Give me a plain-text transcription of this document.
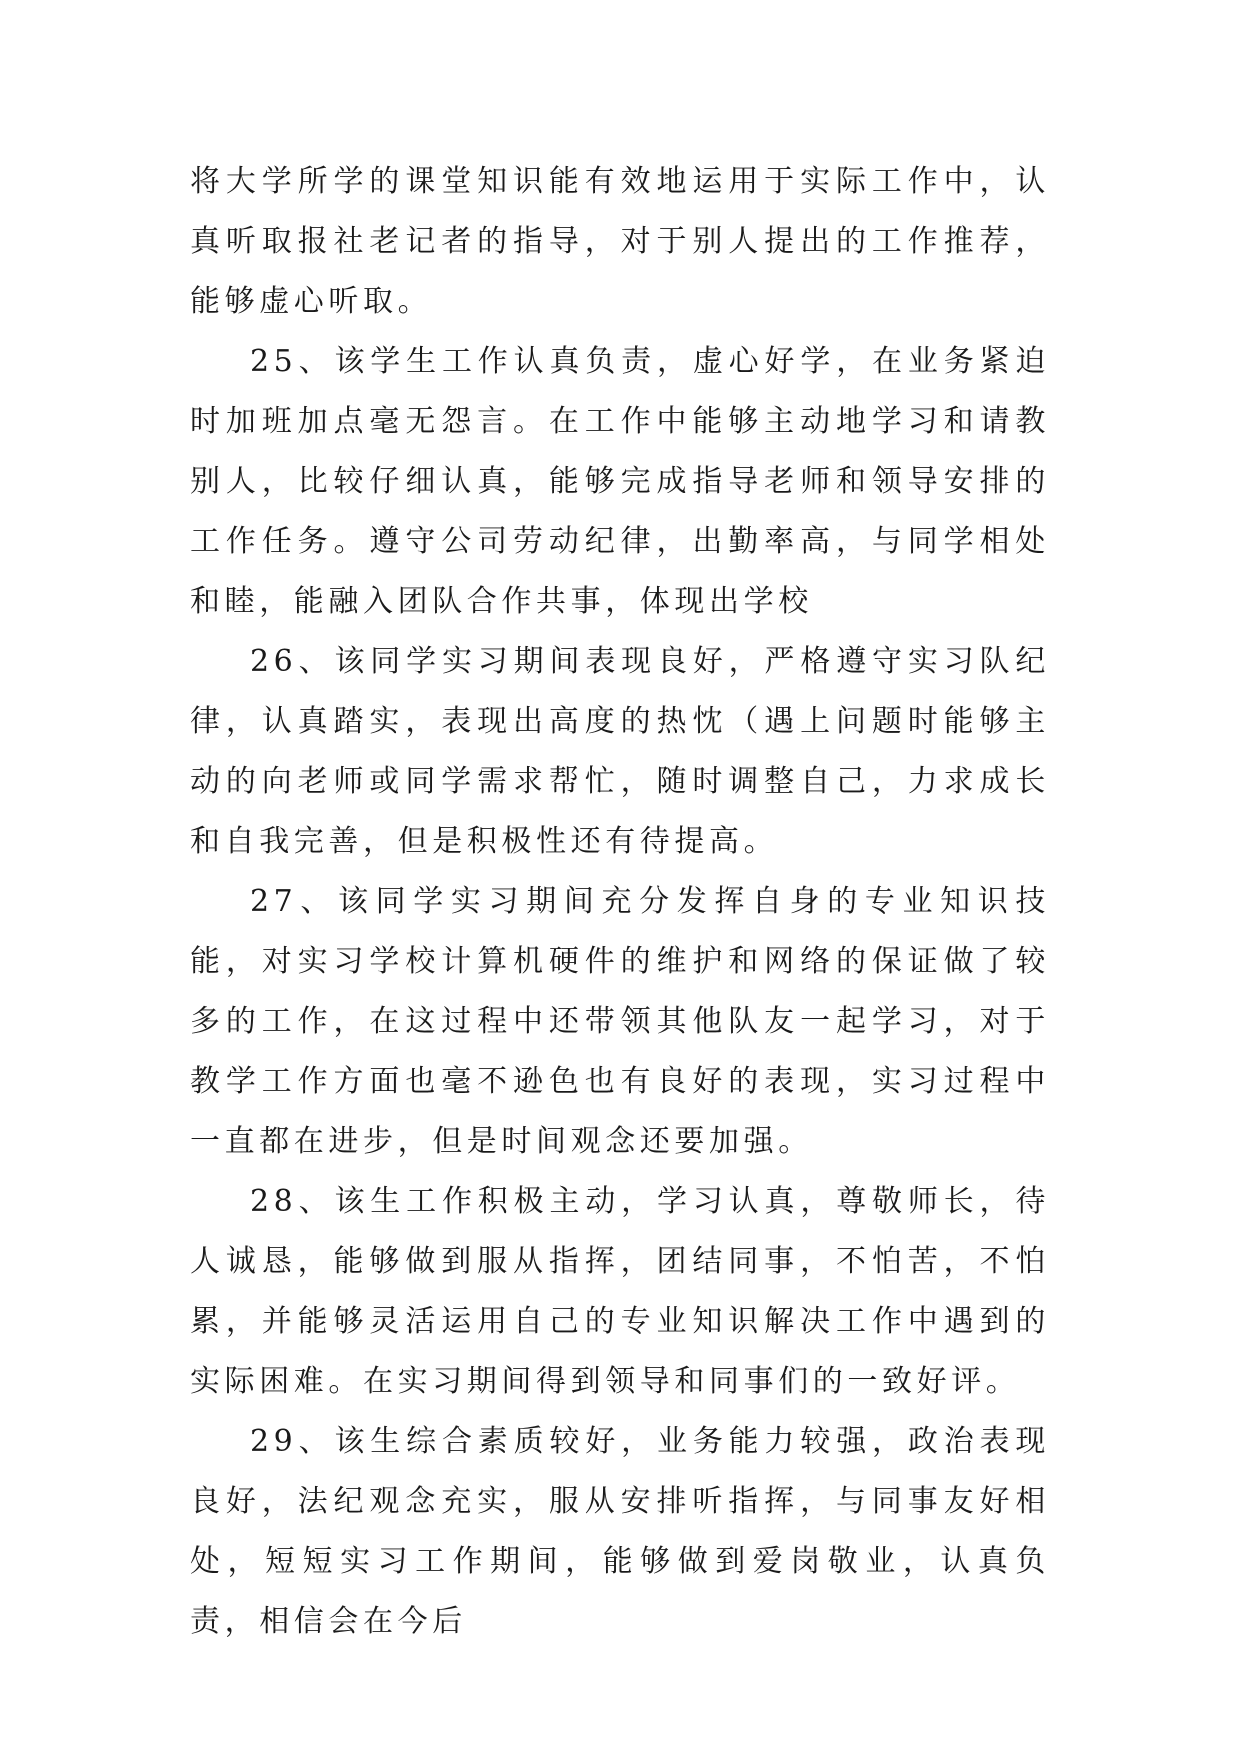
将大学所学的课堂知识能有效地运用于实际工作中，认真听取报社老记者的指导，对于别人提出的工作推荐，能够虚心听取。

25、该学生工作认真负责，虚心好学，在业务紧迫时加班加点毫无怨言。在工作中能够主动地学习和请教别人，比较仔细认真，能够完成指导老师和领导安排的工作任务。遵守公司劳动纪律，出勤率高，与同学相处和睦，能融入团队合作共事，体现出学校

26、该同学实习期间表现良好，严格遵守实习队纪律，认真踏实，表现出高度的热忱（遇上问题时能够主动的向老师或同学需求帮忙，随时调整自己，力求成长和自我完善，但是积极性还有待提高。

27、该同学实习期间充分发挥自身的专业知识技能，对实习学校计算机硬件的维护和网络的保证做了较多的工作，在这过程中还带领其他队友一起学习，对于教学工作方面也毫不逊色也有良好的表现，实习过程中一直都在进步，但是时间观念还要加强。

28、该生工作积极主动，学习认真，尊敬师长，待人诚恳，能够做到服从指挥，团结同事，不怕苦，不怕累，并能够灵活运用自己的专业知识解决工作中遇到的实际困难。在实习期间得到领导和同事们的一致好评。

29、该生综合素质较好，业务能力较强，政治表现良好，法纪观念充实，服从安排听指挥，与同事友好相处，短短实习工作期间，能够做到爱岗敬业，认真负责，相信会在今后
